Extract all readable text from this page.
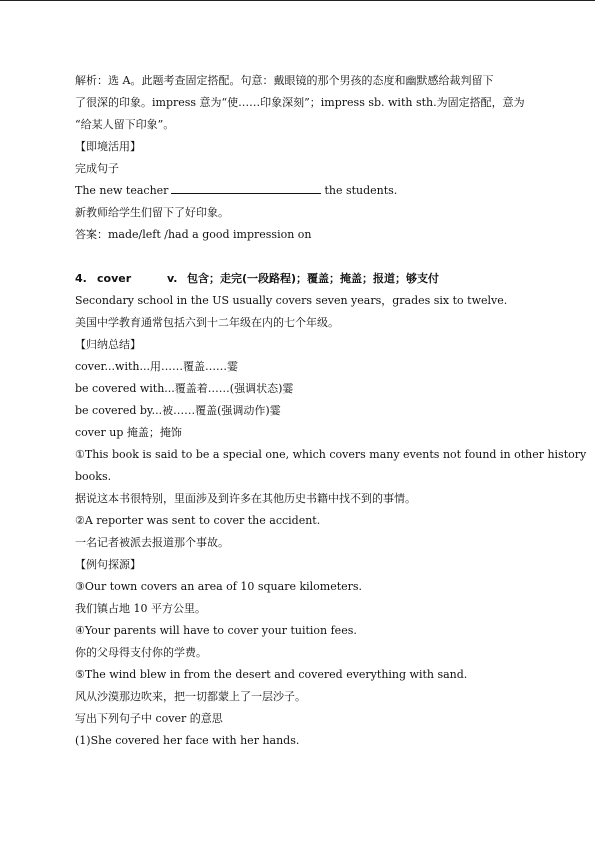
解析：选 A。此题考查固定搭配。句意：戴眼镜的那个男孩的态度和幽默感给裁判留下
了很深的印象。impress 意为“使……印象深刻”；impress sb. with sth.为固定搭配，意为
“给某人留下印象”。
【即境活用】
完成句子
The new teacher	the students.
新教师给学生们留下了好印象。
答案：made/left /had a good impression on
4. cover	v. 包含；走完(一段路程)；覆盖；掩盖；报道；够支付
Secondary school in the US usually covers seven years，grades six to twelve.
美国中学教育通常包括六到十二年级在内的七个年级。
【归纳总结】
cover...with...用……覆盖……霎
be covered with...覆盖着……(强调状态)霎
be covered by...被……覆盖(强调动作)霎
cover up 掩盖；掩饰
①This book is said to be a special one, which covers many events not found in other history
books.
据说这本书很特别，里面涉及到许多在其他历史书籍中找不到的事情。
②A reporter was sent to cover the accident.
一名记者被派去报道那个事故。
【例句探源】
③Our town covers an area of 10 square kilometers.
我们镇占地 10 平方公里。
④Your parents will have to cover your tuition fees.
你的父母得支付你的学费。
⑤The wind blew in from the desert and covered everything with sand.
风从沙漠那边吹来，把一切都蒙上了一层沙子。
写出下列句子中 cover 的意思
(1)She covered her face with her hands.
